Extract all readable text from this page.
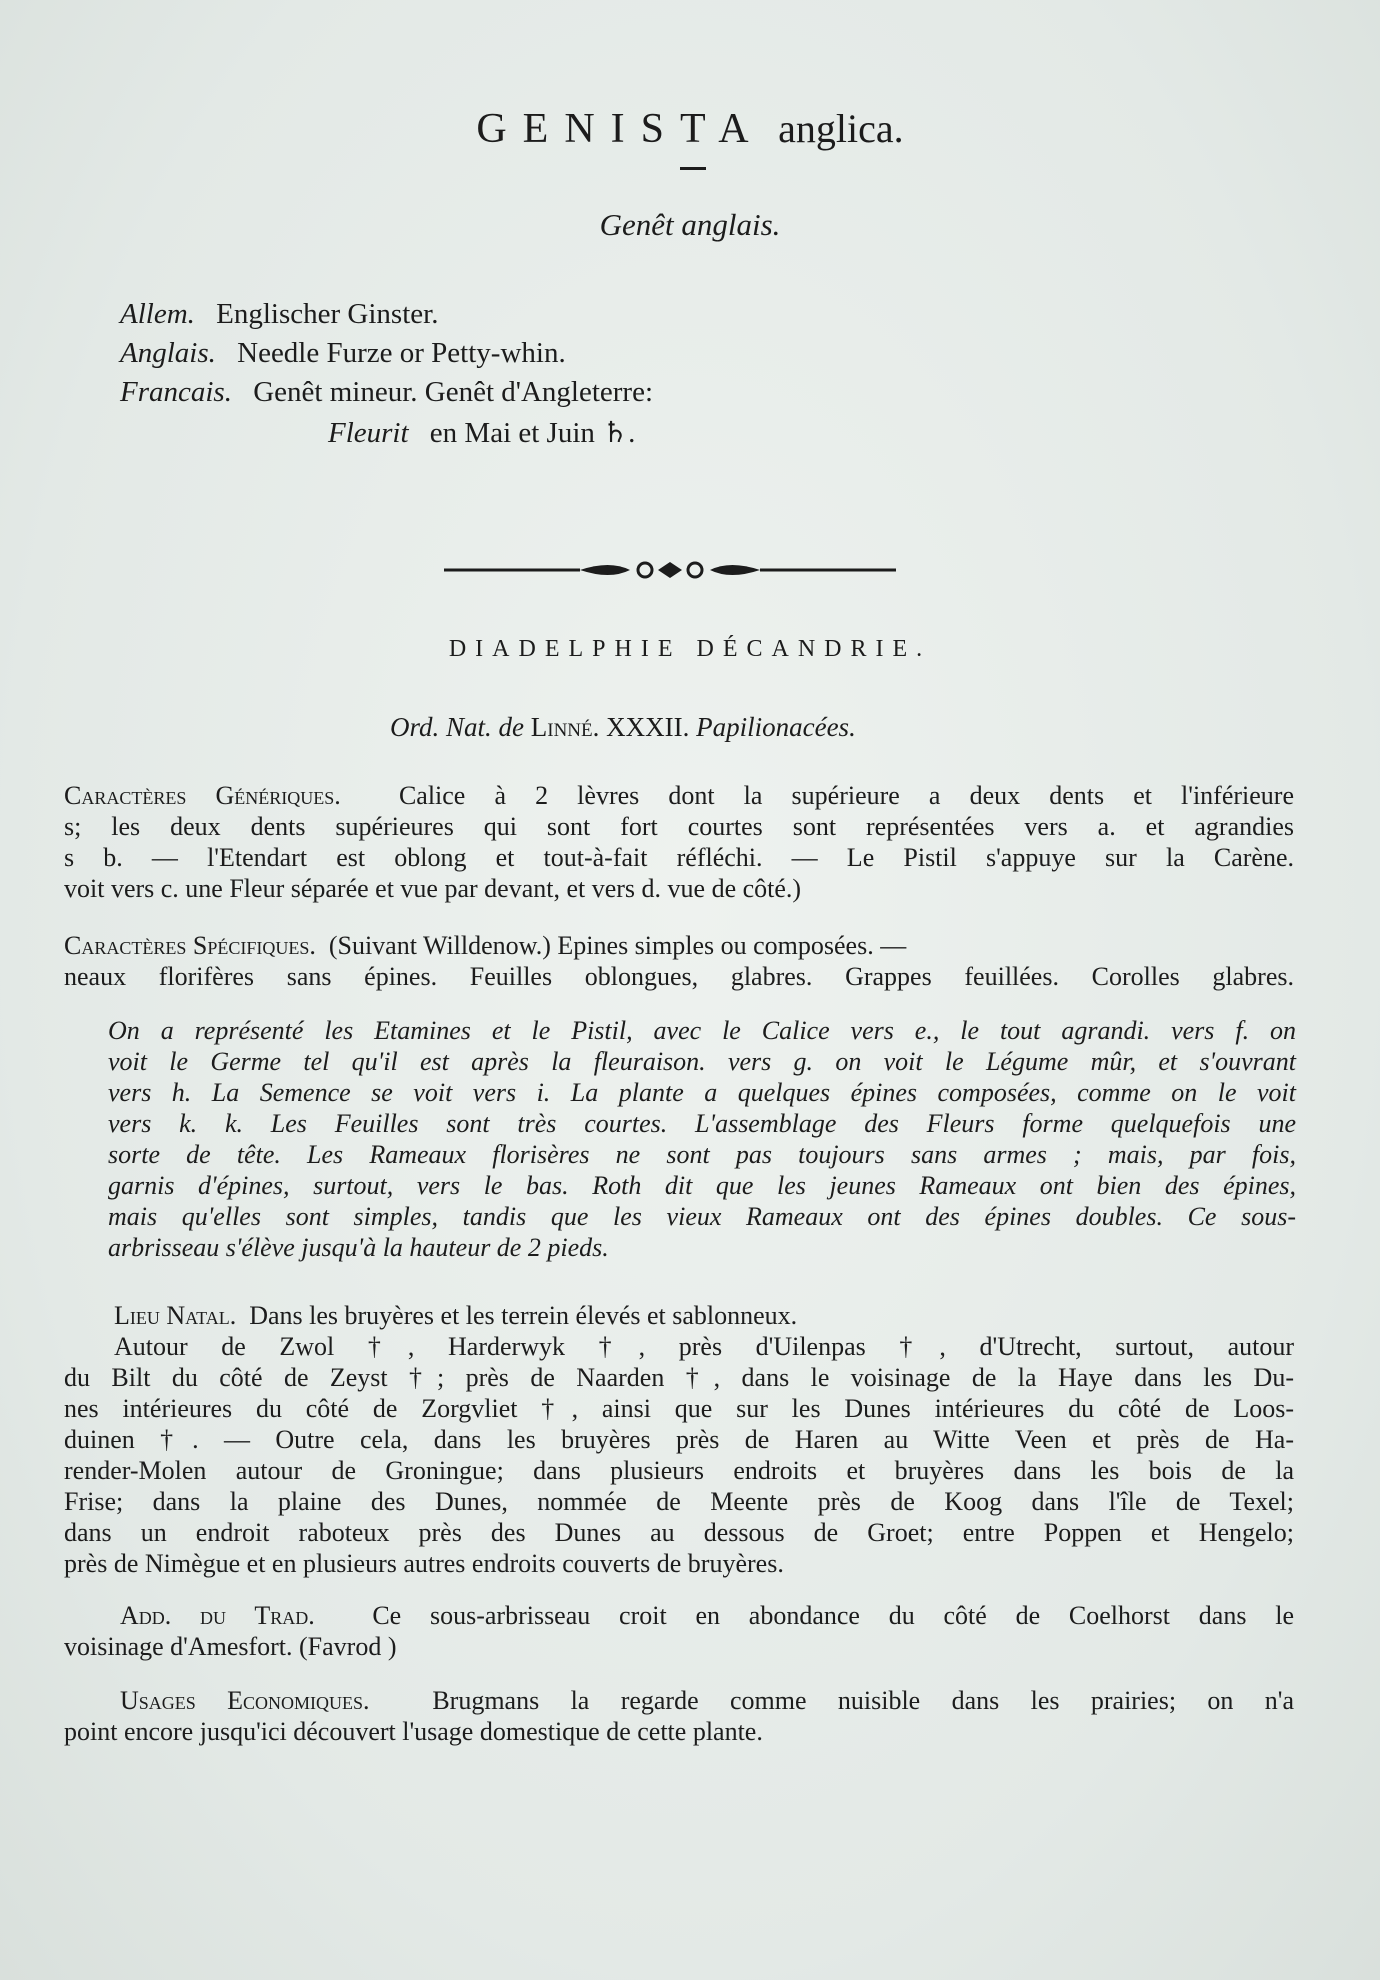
GENISTA anglica.
Genêt anglais.
Allem. Englischer Ginster.
Anglais. Needle Furze or Petty-whin.
Francais. Genêt mineur. Genêt d'Angleterre:
Fleurit en Mai et Juin ♄.
DIADELPHIE DÉCANDRIE.
Ord. Nat. de Linné. XXXII. Papilionacées.

Caractères Génériques. Calice à 2 lèvres dont la supérieure a deux dents et l'inférieure

s; les deux dents supérieures qui sont fort courtes sont représentées vers a. et agrandies

s b. — l'Etendart est oblong et tout-à-fait réfléchi. — Le Pistil s'appuye sur la Carène.

voit vers c. une Fleur séparée et vue par devant, et vers d. vue de côté.)

Caractères Spécifiques. (Suivant Willdenow.) Epines simples ou composées. —

neaux florifères sans épines. Feuilles oblongues, glabres. Grappes feuillées. Corolles glabres.

On a représenté les Etamines et le Pistil, avec le Calice vers e., le tout agrandi. vers f. on

voit le Germe tel qu'il est après la fleuraison. vers g. on voit le Légume mûr, et s'ouvrant

vers h. La Semence se voit vers i. La plante a quelques épines composées, comme on le voit

vers k. k. Les Feuilles sont très courtes. L'assemblage des Fleurs forme quelquefois une

sorte de tête. Les Rameaux florisères ne sont pas toujours sans armes ; mais, par fois,

garnis d'épines, surtout, vers le bas. Roth dit que les jeunes Rameaux ont bien des épines,

mais qu'elles sont simples, tandis que les vieux Rameaux ont des épines doubles. Ce sous-

arbrisseau s'élève jusqu'à la hauteur de 2 pieds.

Lieu Natal. Dans les bruyères et les terrein élevés et sablonneux.

Autour de Zwol †, Harderwyk †, près d'Uilenpas †, d'Utrecht, surtout, autour

du Bilt du côté de Zeyst †; près de Naarden †, dans le voisinage de la Haye dans les Du-

nes intérieures du côté de Zorgvliet †, ainsi que sur les Dunes intérieures du côté de Loos-

duinen †. — Outre cela, dans les bruyères près de Haren au Witte Veen et près de Ha-

render-Molen autour de Groningue; dans plusieurs endroits et bruyères dans les bois de la

Frise; dans la plaine des Dunes, nommée de Meente près de Koog dans l'île de Texel;

dans un endroit raboteux près des Dunes au dessous de Groet; entre Poppen et Hengelo;

près de Nimègue et en plusieurs autres endroits couverts de bruyères.

Add. du Trad. Ce sous-arbrisseau croit en abondance du côté de Coelhorst dans le

voisinage d'Amesfort. (Favrod )

Usages Economiques. Brugmans la regarde comme nuisible dans les prairies; on n'a

point encore jusqu'ici découvert l'usage domestique de cette plante.
